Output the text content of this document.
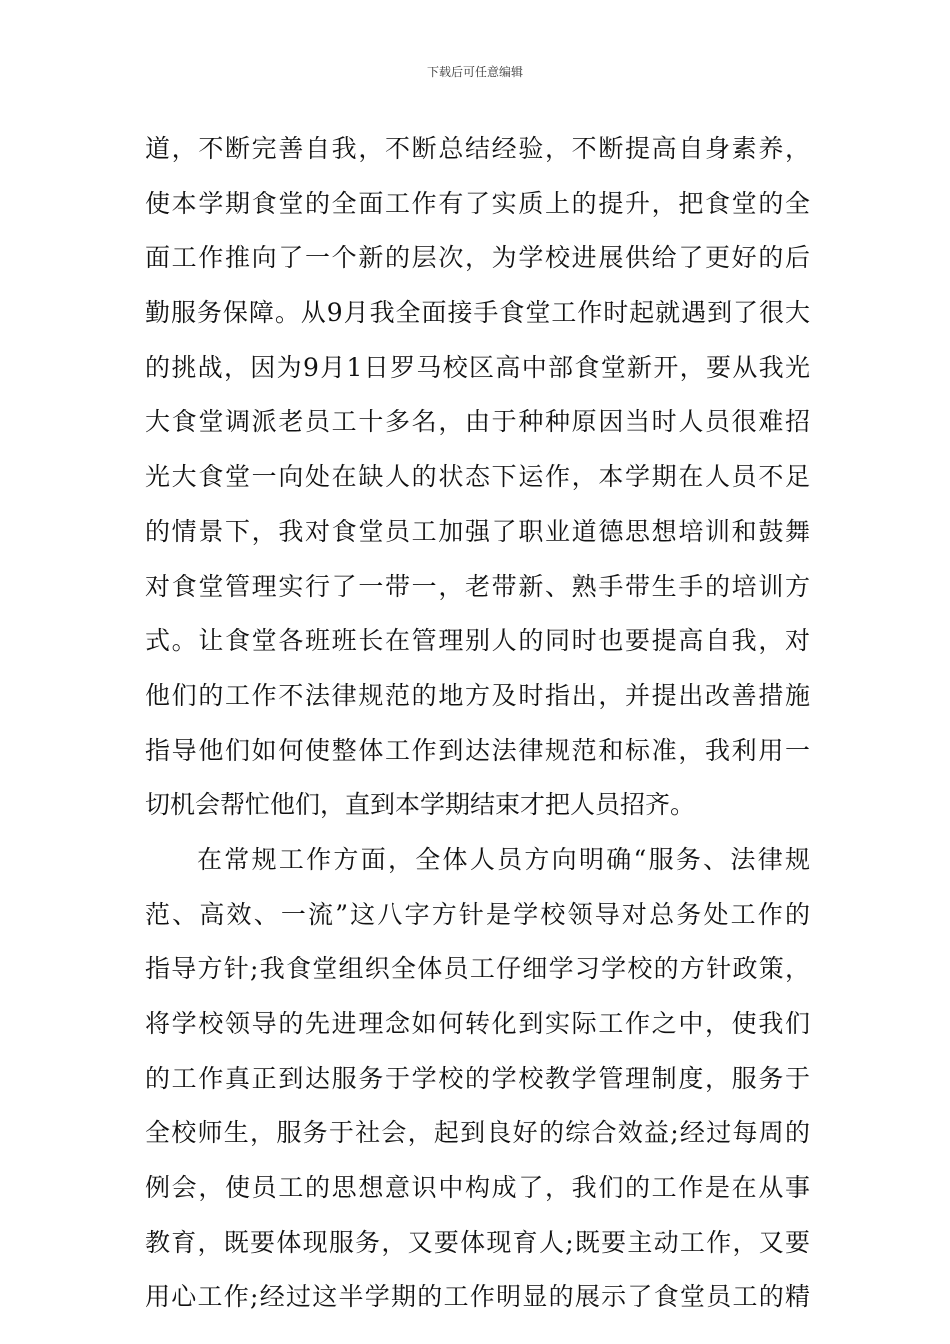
下载后可任意编辑
道，不断完善自我，不断总结经验，不断提高自身素养，
使本学期食堂的全面工作有了实质上的提升，把食堂的全
面工作推向了一个新的层次，为学校进展供给了更好的后
勤服务保障。从9月我全面接手食堂工作时起就遇到了很大
的挑战，因为9月1日罗马校区高中部食堂新开，要从我光
大食堂调派老员工十多名，由于种种原因当时人员很难招
光大食堂一向处在缺人的状态下运作，本学期在人员不足
的情景下，我对食堂员工加强了职业道德思想培训和鼓舞
对食堂管理实行了一带一，老带新、熟手带生手的培训方
式。让食堂各班班长在管理别人的同时也要提高自我，对
他们的工作不法律规范的地方及时指出，并提出改善措施
指导他们如何使整体工作到达法律规范和标准，我利用一
切机会帮忙他们，直到本学期结束才把人员招齐。
在常规工作方面，全体人员方向明确“服务、法律规
范、高效、一流”这八字方针是学校领导对总务处工作的
指导方针;我食堂组织全体员工仔细学习学校的方针政策，
将学校领导的先进理念如何转化到实际工作之中，使我们
的工作真正到达服务于学校的学校教学管理制度，服务于
全校师生，服务于社会，起到良好的综合效益;经过每周的
例会，使员工的思想意识中构成了，我们的工作是在从事
教育，既要体现服务，又要体现育人;既要主动工作，又要
用心工作;经过这半学期的工作明显的展示了食堂员工的精
